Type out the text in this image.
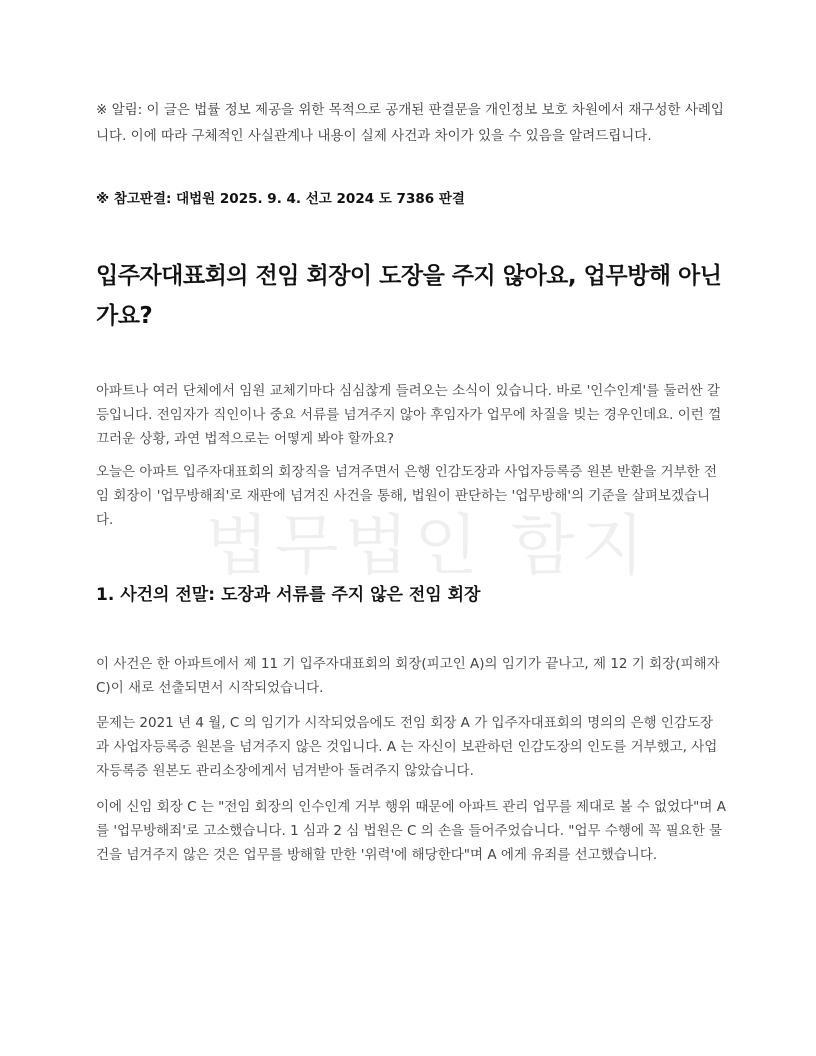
법무법인 함지

※ 알림: 이 글은 법률 정보 제공을 위한 목적으로 공개된 판결문을 개인정보 보호 차원에서 재구성한 사례입니다. 이에 따라 구체적인 사실관계나 내용이 실제 사건과 차이가 있을 수 있음을 알려드립니다.

※ 참고판결: 대법원 2025. 9. 4. 선고 2024 도 7386 판결

입주자대표회의 전임 회장이 도장을 주지 않아요, 업무방해 아닌가요?

아파트나 여러 단체에서 임원 교체기마다 심심찮게 들려오는 소식이 있습니다. 바로 '인수인계'를 둘러싼 갈등입니다. 전임자가 직인이나 중요 서류를 넘겨주지 않아 후임자가 업무에 차질을 빚는 경우인데요. 이런 껄끄러운 상황, 과연 법적으로는 어떻게 봐야 할까요?

오늘은 아파트 입주자대표회의 회장직을 넘겨주면서 은행 인감도장과 사업자등록증 원본 반환을 거부한 전임 회장이 '업무방해죄'로 재판에 넘겨진 사건을 통해, 법원이 판단하는 '업무방해'의 기준을 살펴보겠습니다.

1. 사건의 전말: 도장과 서류를 주지 않은 전임 회장

이 사건은 한 아파트에서 제 11 기 입주자대표회의 회장(피고인 A)의 임기가 끝나고, 제 12 기 회장(피해자 C)이 새로 선출되면서 시작되었습니다.

문제는 2021 년 4 월, C 의 임기가 시작되었음에도 전임 회장 A 가 입주자대표회의 명의의 은행 인감도장과 사업자등록증 원본을 넘겨주지 않은 것입니다. A 는 자신이 보관하던 인감도장의 인도를 거부했고, 사업자등록증 원본도 관리소장에게서 넘겨받아 돌려주지 않았습니다.

이에 신임 회장 C 는 "전임 회장의 인수인계 거부 행위 때문에 아파트 관리 업무를 제대로 볼 수 없었다"며 A 를 '업무방해죄'로 고소했습니다. 1 심과 2 심 법원은 C 의 손을 들어주었습니다. "업무 수행에 꼭 필요한 물건을 넘겨주지 않은 것은 업무를 방해할 만한 '위력'에 해당한다"며 A 에게 유죄를 선고했습니다.
